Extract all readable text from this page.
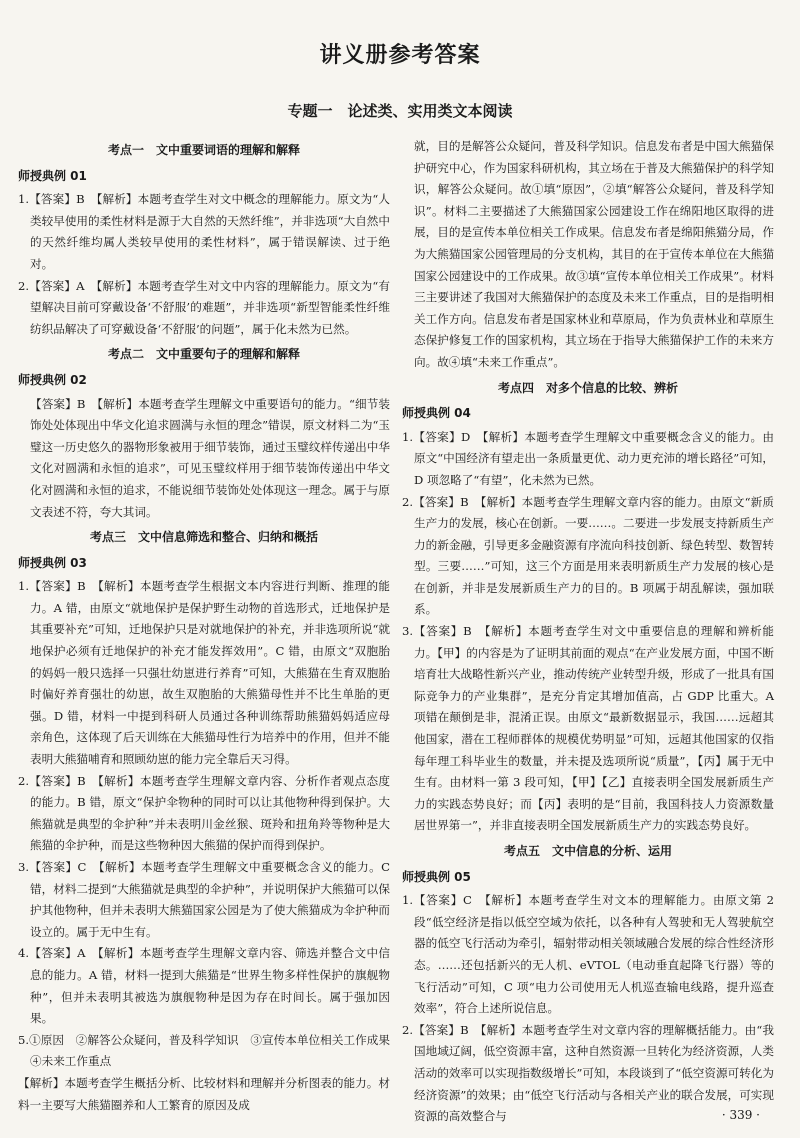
讲义册参考答案
专题一　论述类、实用类文本阅读
考点一　文中重要词语的理解和解释
师授典例 01

1.【答案】B　【解析】本题考查学生对文中概念的理解能力。原文为“人类较早使用的柔性材料是源于大自然的天然纤维”，并非选项“大自然中的天然纤维均属人类较早使用的柔性材料”，属于错误解读、过于绝对。

2.【答案】A　【解析】本题考查学生对文中内容的理解能力。原文为“有望解决目前可穿戴设备‘不舒服’的难题”，并非选项“新型智能柔性纤维纺织品解决了可穿戴设备‘不舒服’的问题”，属于化未然为已然。

考点二　文中重要句子的理解和解释
师授典例 02

【答案】B　【解析】本题考查学生理解文中重要语句的能力。“细节装饰处处体现出中华文化追求圆满与永恒的理念”错误，原文材料二为“玉璧这一历史悠久的器物形象被用于细节装饰，通过玉璧纹样传递出中华文化对圆满和永恒的追求”，可见玉璧纹样用于细节装饰传递出中华文化对圆满和永恒的追求，不能说细节装饰处处体现这一理念。属于与原文表述不符，夸大其词。

考点三　文中信息筛选和整合、归纳和概括
师授典例 03

1.【答案】B　【解析】本题考查学生根据文本内容进行判断、推理的能力。A 错，由原文“就地保护是保护野生动物的首选形式，迁地保护是其重要补充”可知，迁地保护只是对就地保护的补充，并非选项所说“就地保护必须有迁地保护的补充才能发挥效用”。C 错，由原文“双胞胎的妈妈一般只选择一只强壮幼崽进行养育”可知，大熊猫在生育双胞胎时偏好养育强壮的幼崽，故生双胞胎的大熊猫母性并不比生单胎的更强。D 错，材料一中提到科研人员通过各种训练帮助熊猫妈妈适应母亲角色，这体现了后天训练在大熊猫母性行为培养中的作用，但并不能表明大熊猫哺育和照顾幼崽的能力完全靠后天习得。

2.【答案】B　【解析】本题考查学生理解文章内容、分析作者观点态度的能力。B 错，原文“保护伞物种的同时可以让其他物种得到保护。大熊猫就是典型的伞护种”并未表明川金丝猴、斑羚和扭角羚等物种是大熊猫的伞护种，而是这些物种因大熊猫的保护而得到保护。

3.【答案】C　【解析】本题考查学生理解文中重要概念含义的能力。C 错，材料二提到“大熊猫就是典型的伞护种”，并说明保护大熊猫可以保护其他物种，但并未表明大熊猫国家公园是为了使大熊猫成为伞护种而设立的。属于无中生有。

4.【答案】A　【解析】本题考查学生理解文章内容、筛选并整合文中信息的能力。A 错，材料一提到大熊猫是“世界生物多样性保护的旗舰物种”，但并未表明其被选为旗舰物种是因为存在时间长。属于强加因果。

5.①原因　②解答公众疑问，普及科学知识　③宣传本单位相关工作成果　④未来工作重点

【解析】本题考查学生概括分析、比较材料和理解并分析图表的能力。材料一主要写大熊猫圈养和人工繁育的原因及成

就，目的是解答公众疑问，普及科学知识。信息发布者是中国大熊猫保护研究中心，作为国家科研机构，其立场在于普及大熊猫保护的科学知识，解答公众疑问。故①填“原因”，②填“解答公众疑问，普及科学知识”。材料二主要描述了大熊猫国家公园建设工作在绵阳地区取得的进展，目的是宣传本单位相关工作成果。信息发布者是绵阳熊猫分局，作为大熊猫国家公园管理局的分支机构，其目的在于宣传本单位在大熊猫国家公园建设中的工作成果。故③填“宣传本单位相关工作成果”。材料三主要讲述了我国对大熊猫保护的态度及未来工作重点，目的是指明相关工作方向。信息发布者是国家林业和草原局，作为负责林业和草原生态保护修复工作的国家机构，其立场在于指导大熊猫保护工作的未来方向。故④填“未来工作重点”。

考点四　对多个信息的比较、辨析
师授典例 04

1.【答案】D　【解析】本题考查学生理解文中重要概念含义的能力。由原文“中国经济有望走出一条质量更优、动力更充沛的增长路径”可知，D 项忽略了“有望”，化未然为已然。

2.【答案】B　【解析】本题考查学生理解文章内容的能力。由原文“新质生产力的发展，核心在创新。一要……。二要进一步发展支持新质生产力的新金融，引导更多金融资源有序流向科技创新、绿色转型、数智转型。三要……”可知，这三个方面是用来表明新质生产力发展的核心是在创新，并非是发展新质生产力的目的。B 项属于胡乱解读，强加联系。

3.【答案】B　【解析】本题考查学生对文中重要信息的理解和辨析能力。【甲】的内容是为了证明其前面的观点“在产业发展方面，中国不断培育壮大战略性新兴产业，推动传统产业转型升级，形成了一批具有国际竞争力的产业集群”，是充分肯定其增加值高，占 GDP 比重大。A 项错在颠倒是非，混淆正误。由原文“最新数据显示，我国……远超其他国家，潜在工程师群体的规模优势明显”可知，远超其他国家的仅指每年理工科毕业生的数量，并未提及选项所说“质量”，【丙】属于无中生有。由材料一第 3 段可知，【甲】【乙】直接表明全国发展新质生产力的实践态势良好；而【丙】表明的是“目前，我国科技人力资源数量居世界第一”，并非直接表明全国发展新质生产力的实践态势良好。

考点五　文中信息的分析、运用
师授典例 05

1.【答案】C　【解析】本题考查学生对文本的理解能力。由原文第 2 段“低空经济是指以低空空域为依托，以各种有人驾驶和无人驾驶航空器的低空飞行活动为牵引，辐射带动相关领域融合发展的综合性经济形态。……还包括新兴的无人机、eVTOL（电动垂直起降飞行器）等的飞行活动”可知，C 项“电力公司使用无人机巡查输电线路，提升巡查效率”，符合上述所说信息。

2.【答案】B　【解析】本题考查学生对文章内容的理解概括能力。由“我国地域辽阔，低空资源丰富，这种自然资源一旦转化为经济资源，人类活动的效率可以实现指数级增长”可知，本段谈到了“低空资源可转化为经济资源”的效果；由“低空飞行活动与各相关产业的联合发展，可实现资源的高效整合与	· 339 ·
